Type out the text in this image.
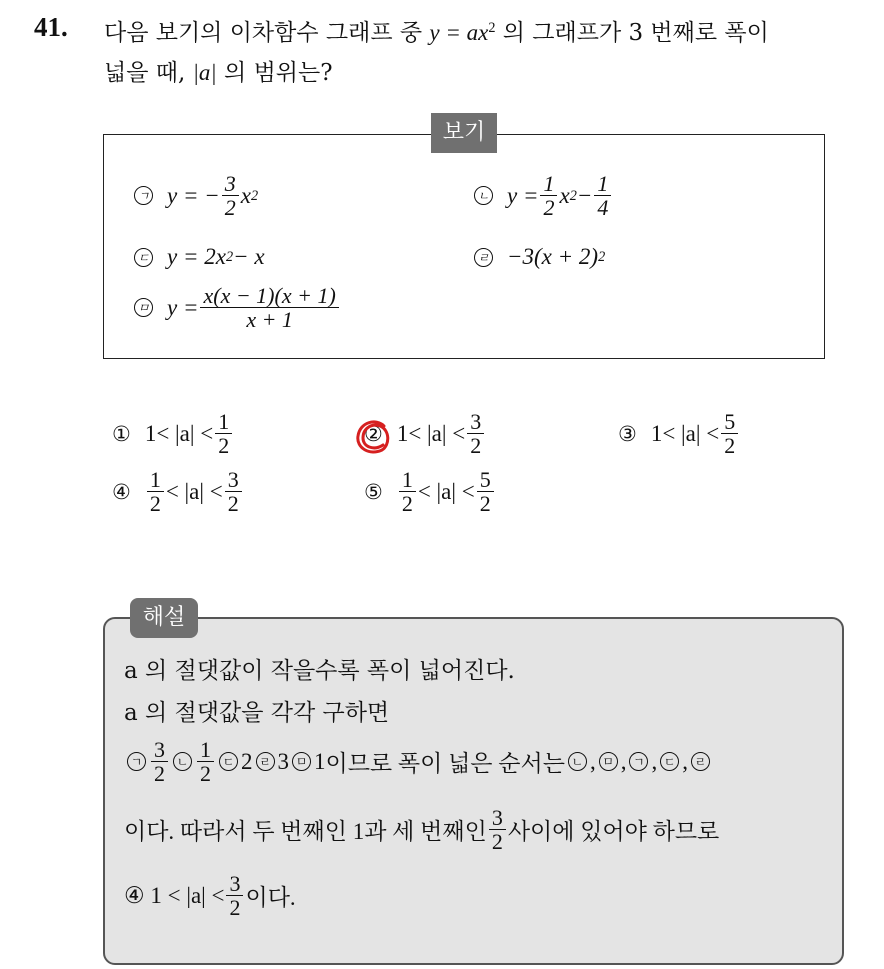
41. 다음 보기의 이차함수 그래프 중 $y = ax^2$ 의 그래프가 3 번째로 폭이
넓을 때, |a| 의 범위는?
보기
ㄱ y = − $\frac{3}{2}$ x 2	ㄴ $y = \frac{1}{2}$ x $2 - \frac{1}{4}$
ㄷ y = 2x 2 − x	ㄹ −3(x + 2) 2
ㅁ $y = \frac{x(x - 1)(x + 1)}{x + 1}$
① $1 < |a| < \frac{1}{2}$	② $1 < |a| < \frac{3}{2}$	③ $1 < |a| < \frac{5}{2}$
④ $\frac{1}{2} < |a| < \frac{3}{2}$	⑤ $\frac{1}{2} < |a| < \frac{5}{2}$
해설
a 의 절댓값이 작을수록 폭이 넓어진다.
a 의 절댓값을 각각 구하면
ㄱ $\frac{3}{2}$ ㄴ $\frac{1}{2}$ ㄷ 2 ㄹ 3 ㅁ 1 이므로 폭이 넓은 순서는 ㄴ , ㅁ , ㄱ , ㄷ , ㄹ
이다. 따라서 두 번째인 1과 세 번째인 $\frac{3}{2}$ 사이에 있어야 하므로
④ $1 < |a| < \frac{3}{2}$ 이다.
